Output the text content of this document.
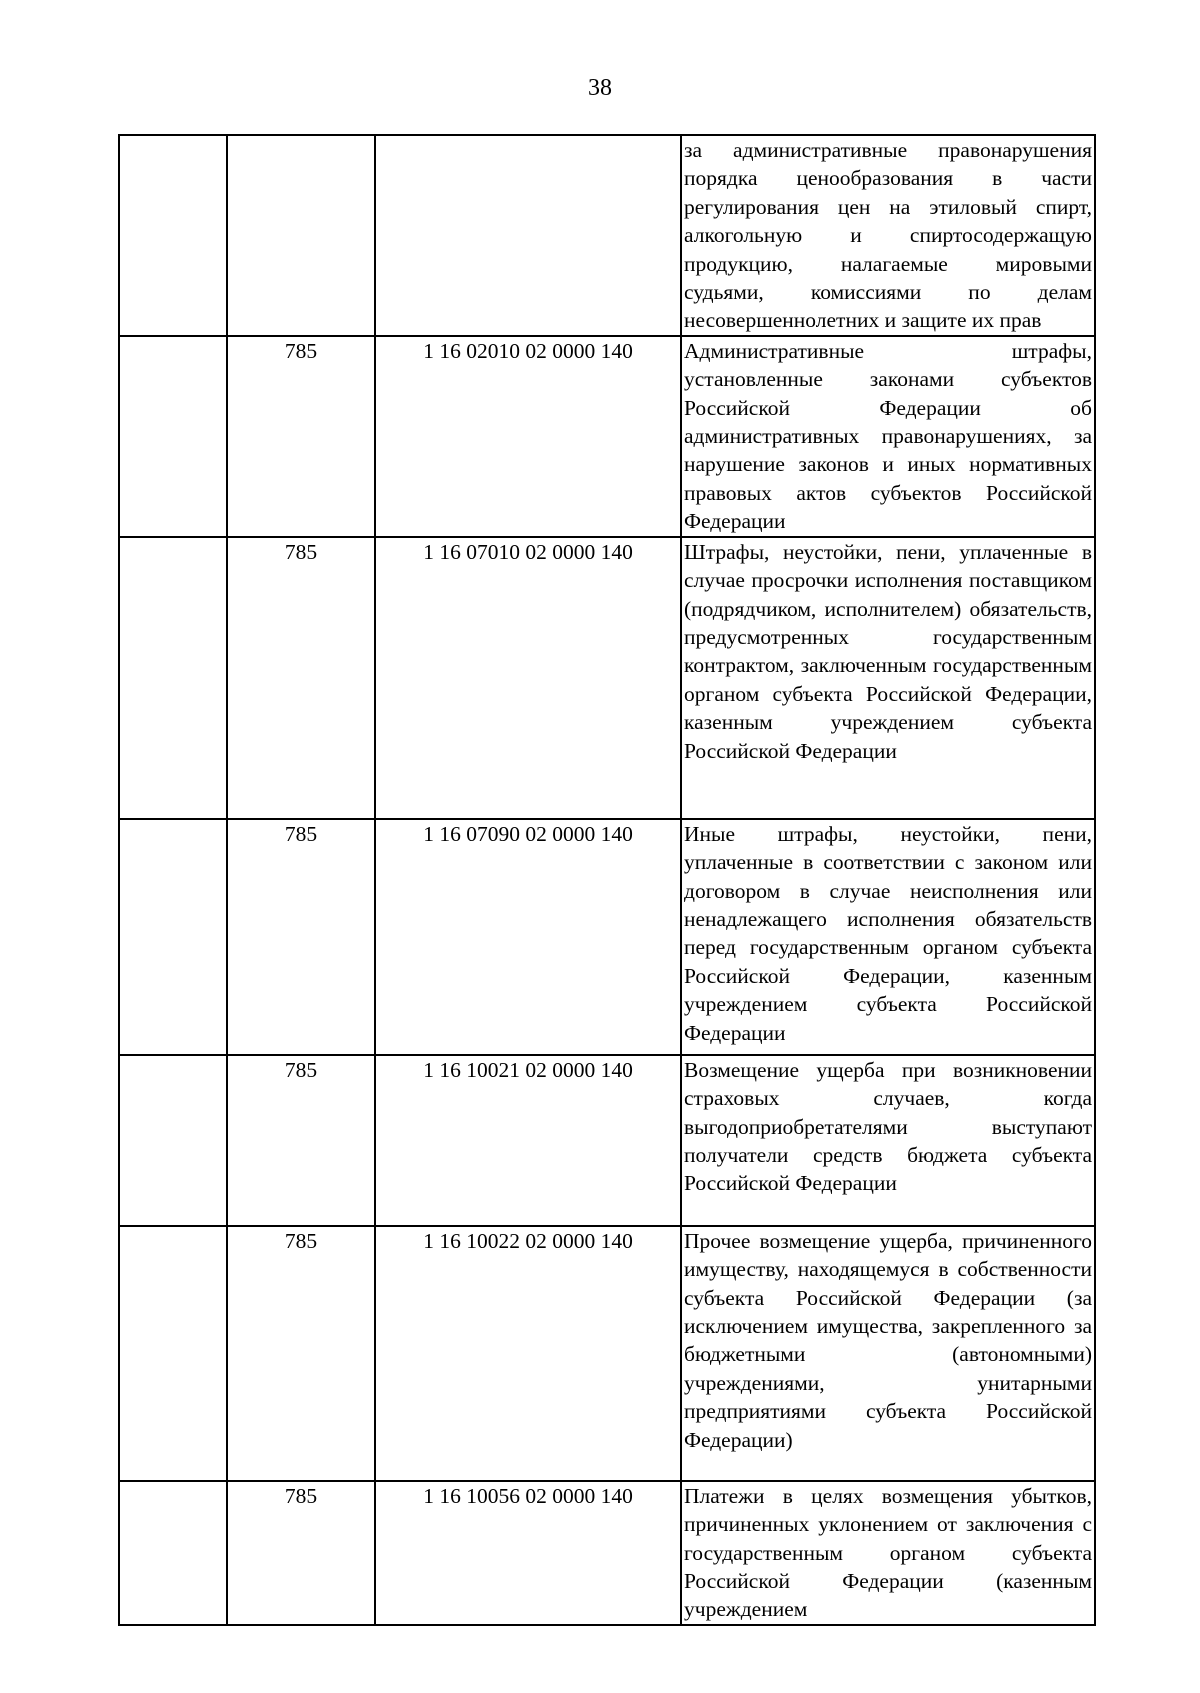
38

			за административные правонарушения порядка ценообразования в части регулирования цен на этиловый спирт, алкогольную и спиртосодержащую продукцию, налагаемые мировыми судьями, комиссиями по делам несовершеннолетних и защите их прав

	785	1 16 02010 02 0000 140	Административные штрафы, установленные законами субъектов Российской Федерации об административных правонарушениях, за нарушение законов и иных нормативных правовых актов субъектов Российской Федерации

	785	1 16 07010 02 0000 140	Штрафы, неустойки, пени, уплаченные в случае просрочки исполнения поставщиком (подрядчиком, исполнителем) обязательств, предусмотренных государственным контрактом, заключенным государственным органом субъекта Российской Федерации, казенным учреждением субъекта Российской Федерации

	785	1 16 07090 02 0000 140	Иные штрафы, неустойки, пени, уплаченные в соответствии с законом или договором в случае неисполнения или ненадлежащего исполнения обязательств перед государственным органом субъекта Российской Федерации, казенным учреждением субъекта Российской Федерации

	785	1 16 10021 02 0000 140	Возмещение ущерба при возникновении страховых случаев, когда выгодоприобретателями выступают получатели средств бюджета субъекта Российской Федерации

	785	1 16 10022 02 0000 140	Прочее возмещение ущерба, причиненного имуществу, находящемуся в собственности субъекта Российской Федерации (за исключением имущества, закрепленного за бюджетными (автономными) учреждениями, унитарными предприятиями субъекта Российской Федерации)

	785	1 16 10056 02 0000 140	Платежи в целях возмещения убытков, причиненных уклонением от заключения с государственным органом субъекта Российской Федерации (казенным учреждением
